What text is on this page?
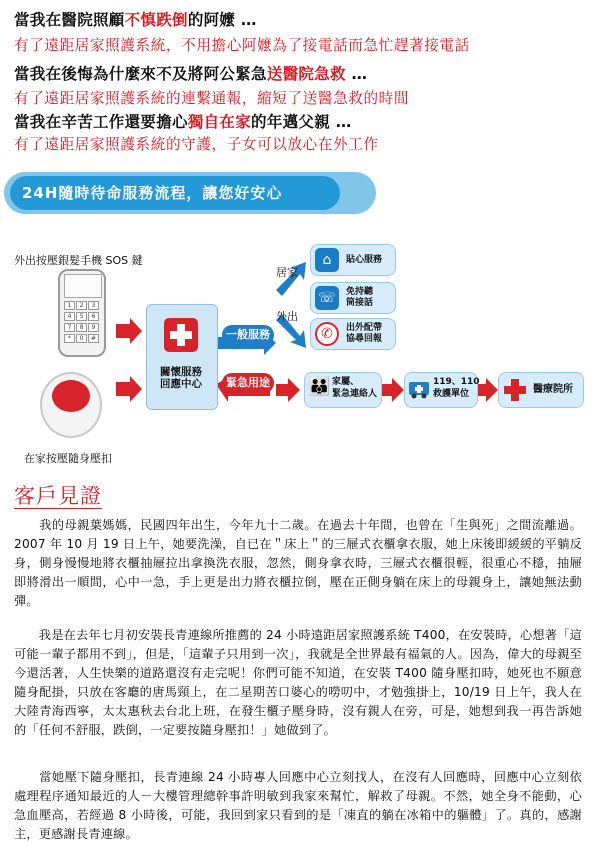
當我在醫院照顧不慎跌倒的阿嬤 …
有了遠距居家照護系統，不用擔心阿嬤為了接電話而急忙趕著接電話
當我在後悔為什麼來不及將阿公緊急送醫院急救 …
有了遠距居家照護系統的連繫通報，縮短了送醫急救的時間
當我在辛苦工作還要擔心獨自在家的年邁父親 …
有了遠距居家照護系統的守護，子女可以放心在外工作
24H隨時待命服務流程，讓您好安心
外出按壓銀髮手機 SOS 鍵
1	2	3
4	5	6
7	8	9
*	0	#
在家按壓隨身壓扣
關懷服務
回應中心
一般服務
緊急用途
居家
外出
⌂	貼心服務
☏	免持聽
筒接話
✆	出外配帶
協尋回報
👪 家屬、
緊急連絡人
119、110
救護單位	醫療院所
客戶見證
　　我的母親葉媽媽，民國四年出生，今年九十二歲。在過去十年間，也曾在「生與死」之間流離過。2007 年 10 月 19 日上午，她要洗澡，自已在＂床上＂的三屜式衣櫃拿衣服，她上床後即緩緩的平躺反身，側身慢慢地將衣櫃抽屜拉出拿換洗衣服，忽然，側身拿衣時，三屜式衣櫃很輕，很重心不穩，抽屜即將滑出一順間，心中一急，手上更是出力將衣櫃拉倒，壓在正側身躺在床上的母親身上，讓她無法動彈。
　　我是在去年七月初安裝長青連線所推薦的 24 小時遠距居家照護系統 T400，在安裝時，心想著「這可能一輩子都用不到」，但是，「這輩子只用到一次」，我就是全世界最有福氣的人。因為，偉大的母親至今還活著，人生快樂的道路還沒有走完呢！你們可能不知道，在安裝 T400 隨身壓扣時，她死也不願意隨身配掛，只放在客廳的唐馬頸上，在二星期苦口婆心的嘮叨中，才勉強掛上，10/19 日上午，我人在大陸青海西寧，太太惠秋去台北上班，在發生櫃子壓身時，沒有親人在旁，可是，她想到我一再告訴她的「任何不舒服，跌倒，一定要按隨身壓扣！」她做到了。
　　當她壓下隨身壓扣，長青連線 24 小時專人回應中心立刻找人，在沒有人回應時，回應中心立刻依處理程序通知最近的人－大樓管理總幹事許明敏到我家來幫忙，解救了母親。不然，她全身不能動，心急血壓高，若經過 8 小時後，可能，我回到家只看到的是「凍直的躺在冰箱中的軀體」了。真的，感謝主，更感謝長青連線。
